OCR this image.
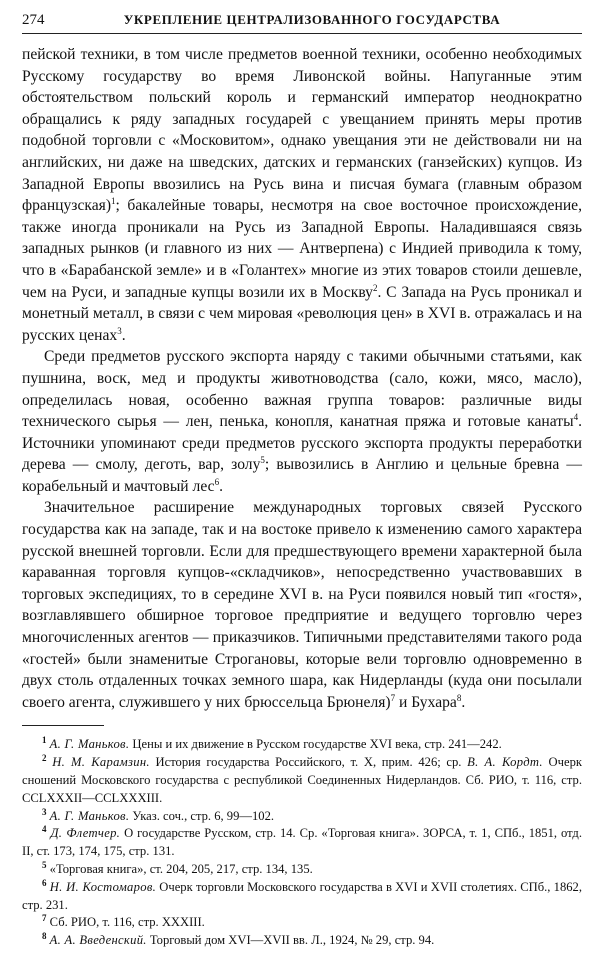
274	УКРЕПЛЕНИЕ ЦЕНТРАЛИЗОВАННОГО ГОСУДАРСТВА

пейской техники, в том числе предметов военной техники, особенно необходимых Русскому государству во время Ливонской войны. Напуганные этим обстоятельством польский король и германский император неоднократно обращались к ряду западных государей с увещанием принять меры против подобной торговли с «Московитом», однако увещания эти не действовали ни на английских, ни даже на шведских, датских и германских (ганзейских) купцов. Из Западной Европы ввозились на Русь вина и писчая бумага (главным образом французская)$^1$; бакалейные товары, несмотря на свое восточное происхождение, также иногда проникали на Русь из Западной Европы. Наладившаяся связь западных рынков (и главного из них — Антверпена) с Индией приводила к тому, что в «Барабанской земле» и в «Голантех» многие из этих товаров стоили дешевле, чем на Руси, и западные купцы возили их в Москву$^2$. С Запада на Русь проникал и монетный металл, в связи с чем мировая «революция цен» в XVI в. отражалась и на русских ценах$^3$.

Среди предметов русского экспорта наряду с такими обычными статьями, как пушнина, воск, мед и продукты животноводства (сало, кожи, мясо, масло), определилась новая, особенно важная группа товаров: различные виды технического сырья — лен, пенька, конопля, канатная пряжа и готовые канаты$^4$. Источники упоминают среди предметов русского экспорта продукты переработки дерева — смолу, деготь, вар, золу$^5$; вывозились в Англию и цельные бревна — корабельный и мачтовый лес$^6$.

Значительное расширение международных торговых связей Русского государства как на западе, так и на востоке привело к изменению самого характера русской внешней торговли. Если для предшествующего времени характерной была караванная торговля купцов-«складчиков», непосредственно участвовавших в торговых экспедициях, то в середине XVI в. на Руси появился новый тип «гостя», возглавлявшего обширное торговое предприятие и ведущего торговлю через многочисленных агентов — приказчиков. Типичными представителями такого рода «гостей» были знаменитые Строгановы, которые вели торговлю одновременно в двух столь отдаленных точках земного шара, как Нидерланды (куда они посылали своего агента, служившего у них брюссельца Брюнеля)$^7$ и Бухара$^8$.

$^1$ А. Г. Маньков. Цены и их движение в Русском государстве XVI века, стр. 241—242.

$^2$ Н. М. Карамзин. История государства Российского, т. X, прим. 426; ср. В. А. Кордт. Очерк сношений Московского государства с республикой Соединенных Нидерландов. Сб. РИО, т. 116, стр. CCLXXXII—CCLXXXIII.

$^3$ А. Г. Маньков. Указ. соч., стр. 6, 99—102.

$^4$ Д. Флетчер. О государстве Русском, стр. 14. Ср. «Торговая книга». ЗОРСА, т. 1, СПб., 1851, отд. II, ст. 173, 174, 175, стр. 131.

$^5$ «Торговая книга», ст. 204, 205, 217, стр. 134, 135.

$^6$ Н. И. Костомаров. Очерк торговли Московского государства в XVI и XVII столетиях. СПб., 1862, стр. 231.

$^7$ Сб. РИО, т. 116, стр. XXXIII.

$^8$ А. А. Введенский. Торговый дом XVI—XVII вв. Л., 1924, № 29, стр. 94.
